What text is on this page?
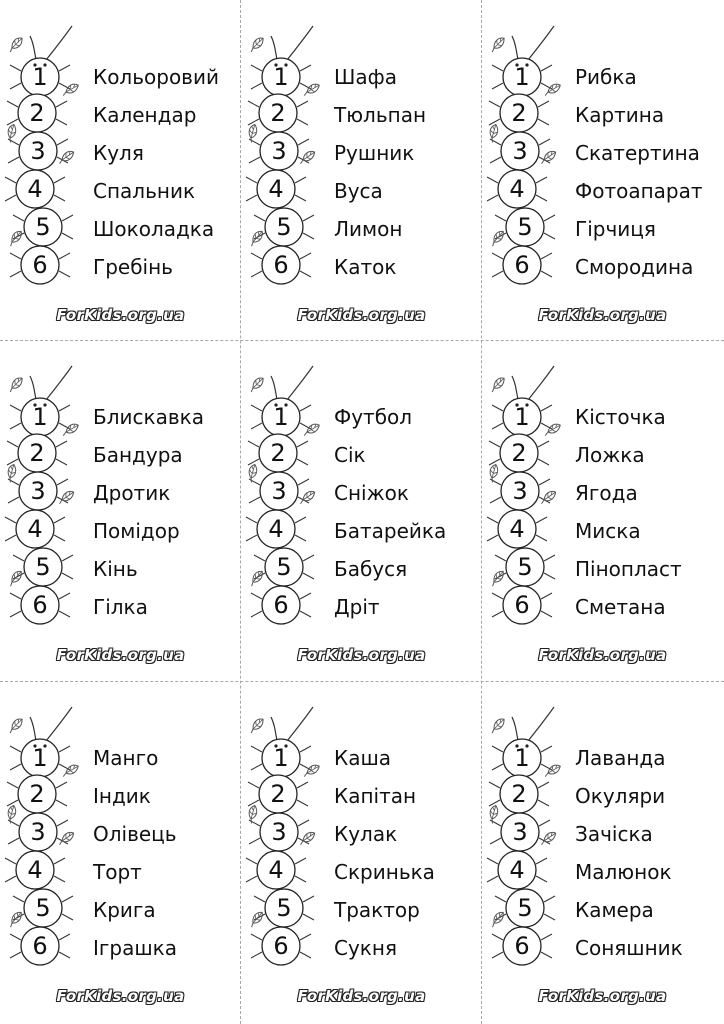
1
2
3
4
5
6
Кольоровий
Календар
Куля
Спальник
Шоколадка
Гребінь
ForKids.org.ua
1
2
3
4
5
6
Шафа
Тюльпан
Рушник
Вуса
Лимон
Каток
ForKids.org.ua
1
2
3
4
5
6
Рибка
Картина
Скатертина
Фотоапарат
Гірчиця
Смородина
ForKids.org.ua
1
2
3
4
5
6
Блискавка
Бандура
Дротик
Помідор
Кінь
Гілка
ForKids.org.ua
1
2
3
4
5
6
Футбол
Сік
Сніжок
Батарейка
Бабуся
Дріт
ForKids.org.ua
1
2
3
4
5
6
Кісточка
Ложка
Ягода
Миска
Пінопласт
Сметана
ForKids.org.ua
1
2
3
4
5
6
Манго
Індик
Олівець
Торт
Крига
Іграшка
ForKids.org.ua
1
2
3
4
5
6
Каша
Капітан
Кулак
Скринька
Трактор
Сукня
ForKids.org.ua
1
2
3
4
5
6
Лаванда
Окуляри
Зачіска
Малюнок
Камера
Соняшник
ForKids.org.ua
